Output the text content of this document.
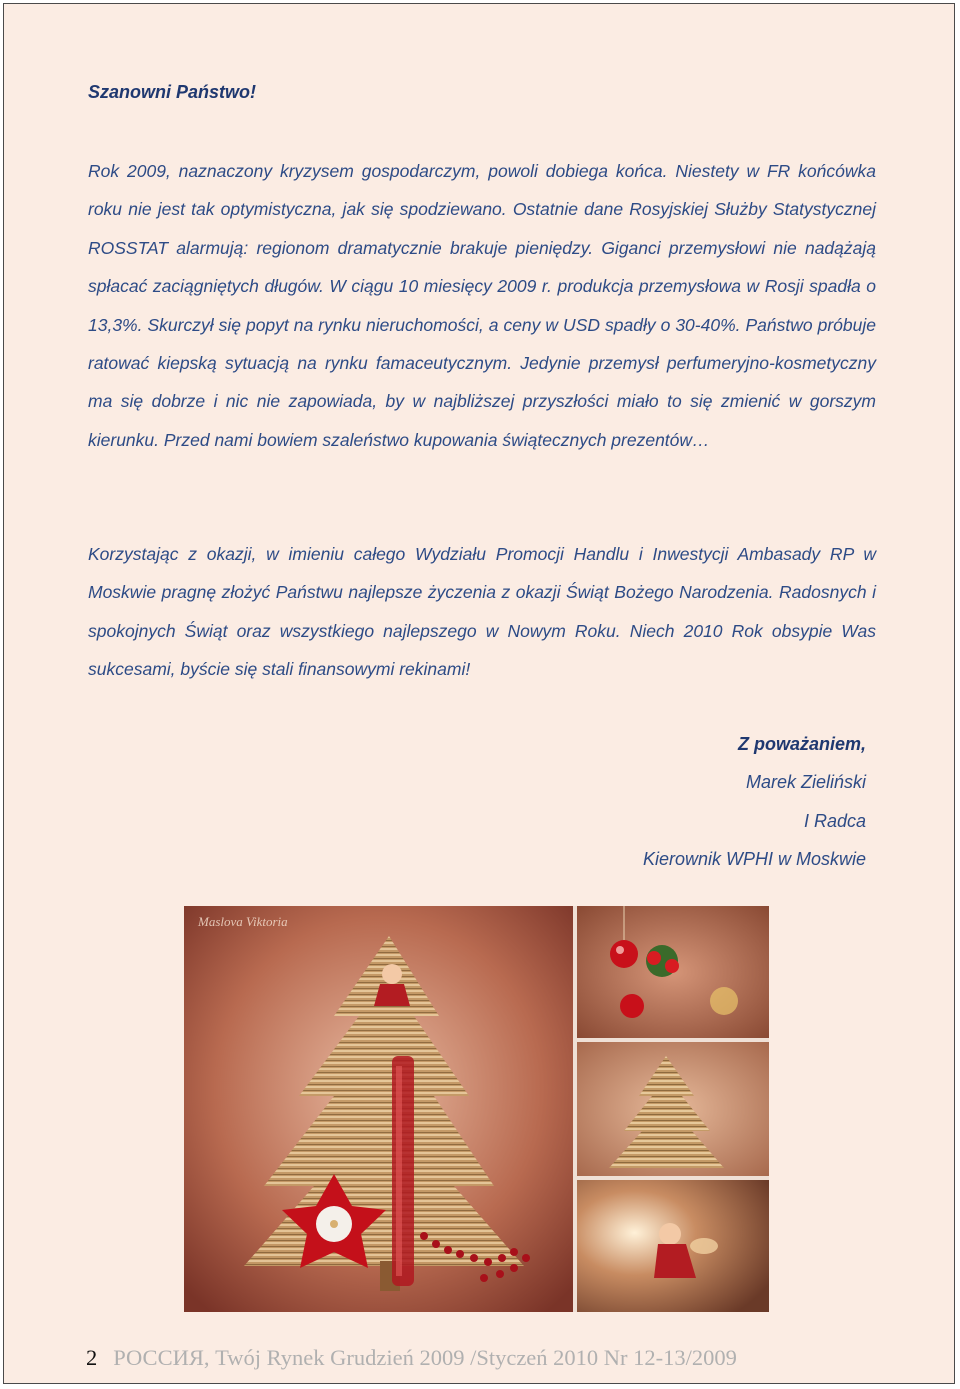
Szanowni Państwo!
Rok 2009, naznaczony kryzysem gospodarczym, powoli dobiega końca. Niestety w FR końcówka roku nie jest tak optymistyczna, jak się spodziewano. Ostatnie dane Rosyjskiej Służby Statystycznej ROSSTAT alarmują: regionom dramatycznie brakuje pieniędzy. Giganci przemysłowi nie nadążają spłacać zaciągniętych długów. W ciągu 10 miesięcy 2009 r. produkcja przemysłowa w Rosji spadła o 13,3%. Skurczył się popyt na rynku nieruchomości, a ceny w USD spadły o 30-40%. Państwo próbuje ratować kiepską sytuacją na rynku famaceutycznym. Jedynie przemysł perfumeryjno-kosmetyczny ma się dobrze i nic nie zapowiada, by w najbliższej przyszłości miało to się zmienić w gorszym kierunku. Przed nami bowiem szaleństwo kupowania świątecznych prezentów…
Korzystając z okazji, w imieniu całego Wydziału Promocji Handlu i Inwestycji Ambasady RP w Moskwie pragnę złożyć Państwu najlepsze życzenia z okazji Świąt Bożego Narodzenia. Radosnych i spokojnych Świąt oraz wszystkiego najlepszego w Nowym Roku. Niech 2010 Rok obsypie Was sukcesami, byście się stali finansowymi rekinami!
Z poważaniem,
Marek Zieliński
I Radca
Kierownik WPHI w Moskwie
Maslova Viktoria
2 РОССИЯ, Twój Rynek Grudzień 2009 /Styczeń 2010 Nr 12-13/2009
